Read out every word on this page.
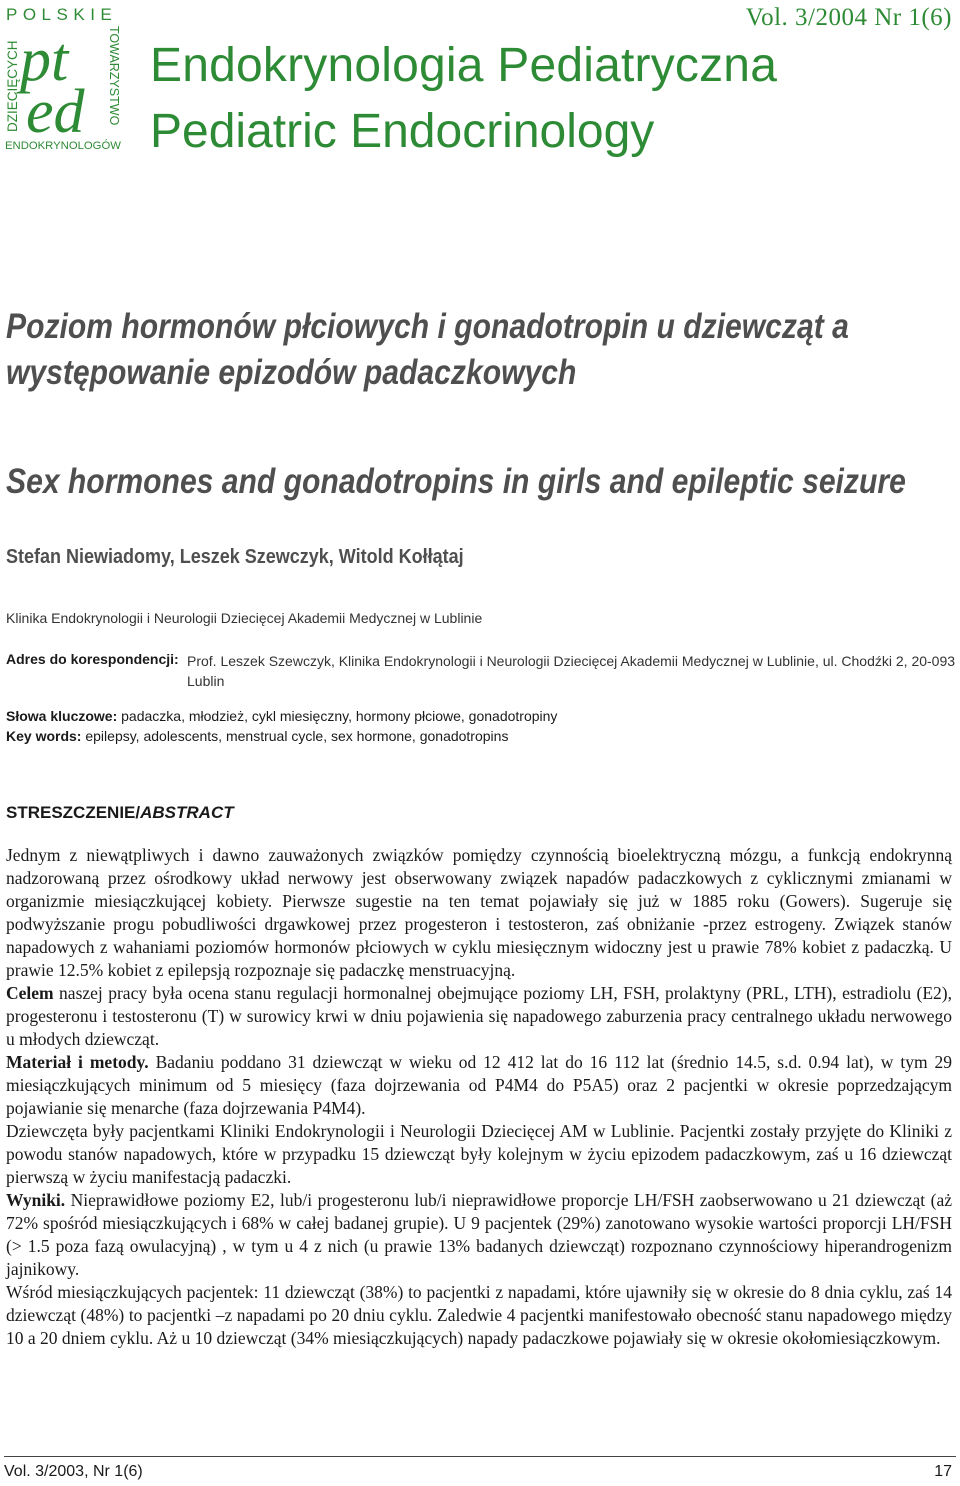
POLSKIE
DZIECIĘCYCH	TOWARZYSTWO
ENDOKRYNOLOGÓW
pt
ed
Vol. 3/2004 Nr 1(6)
Endokrynologia Pediatryczna
Pediatric Endocrinology
Poziom hormonów płciowych i gonadotropin u dziewcząt a występowanie epizodów padaczkowych
Sex hormones and gonadotropins in girls and epileptic seizure
Stefan Niewiadomy, Leszek Szewczyk, Witold Kołłątaj
Klinika Endokrynologii i Neurologii Dziecięcej Akademii Medycznej w Lublinie
Adres do korespondencji: Prof. Leszek Szewczyk, Klinika Endokrynologii i Neurologii Dziecięcej Akademii Medycznej w Lublinie, ul. Chodźki 2, 20-093 Lublin
Słowa kluczowe: padaczka, młodzież, cykl miesięczny, hormony płciowe, gonadotropiny
Key words: epilepsy, adolescents, menstrual cycle, sex hormone, gonadotropins
STRESZCZENIE/ABSTRACT

Jednym z niewątpliwych i dawno zauważonych związków pomiędzy czynnością bioelektryczną mózgu, a funkcją endokrynną nadzorowaną przez ośrodkowy układ nerwowy jest obserwowany związek napadów padaczkowych z cyklicznymi zmianami w organizmie miesiączkującej kobiety. Pierwsze sugestie na ten temat pojawiały się już w 1885 roku (Gowers). Sugeruje się podwyższanie progu pobudliwości drgawkowej przez progesteron i testosteron, zaś obniżanie -przez estrogeny. Związek stanów napadowych z wahaniami poziomów hormonów płciowych w cyklu miesięcznym widoczny jest u prawie 78% kobiet z padaczką. U prawie 12.5% kobiet z epilepsją rozpoznaje się padaczkę menstruacyjną.

Celem naszej pracy była ocena stanu regulacji hormonalnej obejmujące poziomy LH, FSH, prolaktyny (PRL, LTH), estradiolu (E2), progesteronu i testosteronu (T) w surowicy krwi w dniu pojawienia się napadowego zaburzenia pracy centralnego układu nerwowego u młodych dziewcząt.

Materiał i metody. Badaniu poddano 31 dziewcząt w wieku od 12 412 lat do 16 112 lat (średnio 14.5, s.d. 0.94 lat), w tym 29 miesiączkujących minimum od 5 miesięcy (faza dojrzewania od P4M4 do P5A5) oraz 2 pacjentki w okresie poprzedzającym pojawianie się menarche (faza dojrzewania P4M4).

Dziewczęta były pacjentkami Kliniki Endokrynologii i Neurologii Dziecięcej AM w Lublinie. Pacjentki zostały przyjęte do Kliniki z powodu stanów napadowych, które w przypadku 15 dziewcząt były kolejnym w życiu epizodem padaczkowym, zaś u 16 dziewcząt pierwszą w życiu manifestacją padaczki.

Wyniki. Nieprawidłowe poziomy E2, lub/i progesteronu lub/i nieprawidłowe proporcje LH/FSH zaobserwowano u 21 dziewcząt (aż 72% spośród miesiączkujących i 68% w całej badanej grupie). U 9 pacjentek (29%) zanotowano wysokie wartości proporcji LH/FSH (> 1.5 poza fazą owulacyjną) , w tym u 4 z nich (u prawie 13% badanych dziewcząt) rozpoznano czynnościowy hiperandrogenizm jajnikowy.

Wśród miesiączkujących pacjentek: 11 dziewcząt (38%) to pacjentki z napadami, które ujawniły się w okresie do 8 dnia cyklu, zaś 14 dziewcząt (48%) to pacjentki –z napadami po 20 dniu cyklu. Zaledwie 4 pacjentki manifestowało obecność stanu napadowego między 10 a 20 dniem cyklu. Aż u 10 dziewcząt (34% miesiączkujących) napady padaczkowe pojawiały się w okresie okołomiesiączkowym.

Vol. 3/2003, Nr 1(6)	17
